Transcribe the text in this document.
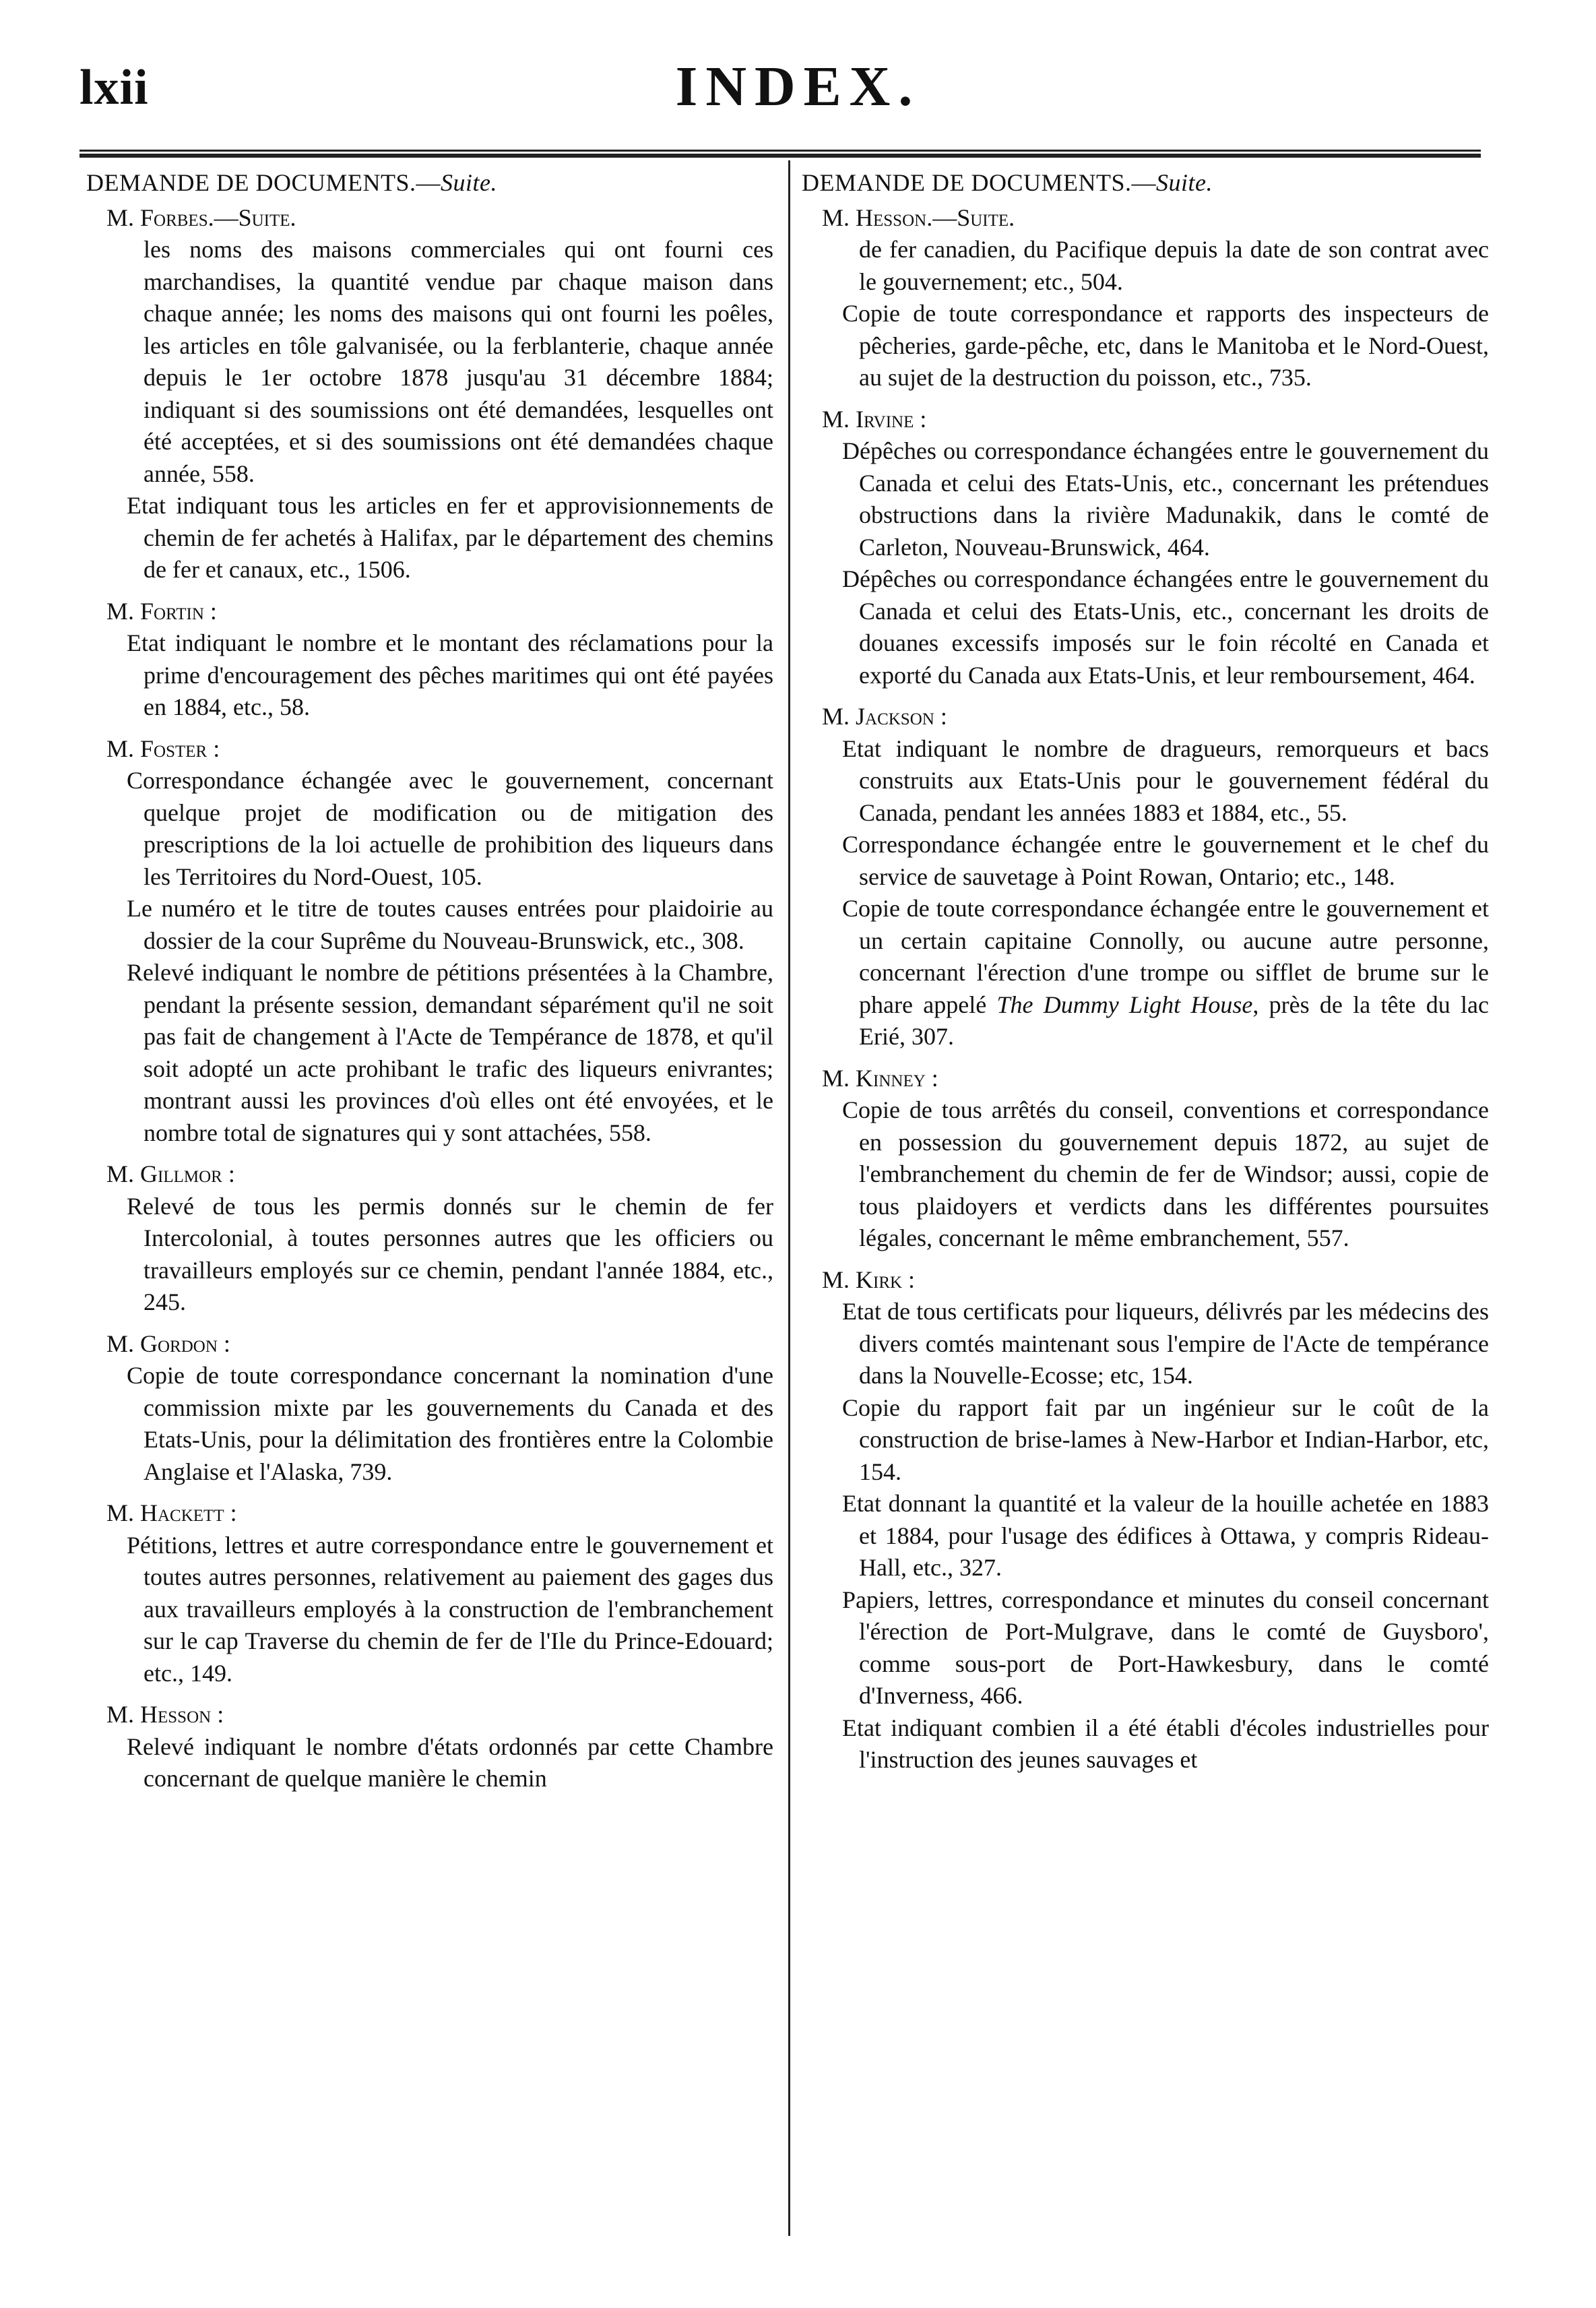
lxii	INDEX.
DEMANDE DE DOCUMENTS.—Suite.
M. Forbes.—Suite.
les noms des maisons commerciales qui ont fourni ces marchandises, la quantité vendue par chaque maison dans chaque année; les noms des maisons qui ont fourni les poêles, les articles en tôle galvanisée, ou la ferblanterie, chaque année depuis le 1er octobre 1878 jusqu'au 31 décembre 1884; indiquant si des soumissions ont été demandées, lesquelles ont été acceptées, et si des soumissions ont été demandées chaque année, 558.
Etat indiquant tous les articles en fer et approvisionnements de chemin de fer achetés à Halifax, par le département des chemins de fer et canaux, etc., 1506.
M. Fortin :
Etat indiquant le nombre et le montant des réclamations pour la prime d'encouragement des pêches maritimes qui ont été payées en 1884, etc., 58.
M. Foster :
Correspondance échangée avec le gouvernement, concernant quelque projet de modification ou de mitigation des prescriptions de la loi actuelle de prohibition des liqueurs dans les Territoires du Nord-Ouest, 105.
Le numéro et le titre de toutes causes entrées pour plaidoirie au dossier de la cour Suprême du Nouveau-Brunswick, etc., 308.
Relevé indiquant le nombre de pétitions présentées à la Chambre, pendant la présente session, demandant séparément qu'il ne soit pas fait de changement à l'Acte de Tempérance de 1878, et qu'il soit adopté un acte prohibant le trafic des liqueurs enivrantes; montrant aussi les provinces d'où elles ont été envoyées, et le nombre total de signatures qui y sont attachées, 558.
M. Gillmor :
Relevé de tous les permis donnés sur le chemin de fer Intercolonial, à toutes personnes autres que les officiers ou travailleurs employés sur ce chemin, pendant l'année 1884, etc., 245.
M. Gordon :
Copie de toute correspondance concernant la nomination d'une commission mixte par les gouvernements du Canada et des Etats-Unis, pour la délimitation des frontières entre la Colombie Anglaise et l'Alaska, 739.
M. Hackett :
Pétitions, lettres et autre correspondance entre le gouvernement et toutes autres personnes, relativement au paiement des gages dus aux travailleurs employés à la construction de l'embranchement sur le cap Traverse du chemin de fer de l'Ile du Prince-Edouard; etc., 149.
M. Hesson :
Relevé indiquant le nombre d'états ordonnés par cette Chambre concernant de quelque manière le chemin
DEMANDE DE DOCUMENTS.—Suite.
M. Hesson.—Suite.
de fer canadien, du Pacifique depuis la date de son contrat avec le gouvernement; etc., 504.
Copie de toute correspondance et rapports des inspecteurs de pêcheries, garde-pêche, etc, dans le Manitoba et le Nord-Ouest, au sujet de la destruction du poisson, etc., 735.
M. Irvine :
Dépêches ou correspondance échangées entre le gouvernement du Canada et celui des Etats-Unis, etc., concernant les prétendues obstructions dans la rivière Madunakik, dans le comté de Carleton, Nouveau-Brunswick, 464.
Dépêches ou correspondance échangées entre le gouvernement du Canada et celui des Etats-Unis, etc., concernant les droits de douanes excessifs imposés sur le foin récolté en Canada et exporté du Canada aux Etats-Unis, et leur remboursement, 464.
M. Jackson :
Etat indiquant le nombre de dragueurs, remorqueurs et bacs construits aux Etats-Unis pour le gouvernement fédéral du Canada, pendant les années 1883 et 1884, etc., 55.
Correspondance échangée entre le gouvernement et le chef du service de sauvetage à Point Rowan, Ontario; etc., 148.
Copie de toute correspondance échangée entre le gouvernement et un certain capitaine Connolly, ou aucune autre personne, concernant l'érection d'une trompe ou sifflet de brume sur le phare appelé The Dummy Light House, près de la tête du lac Erié, 307.
M. Kinney :
Copie de tous arrêtés du conseil, conventions et correspondance en possession du gouvernement depuis 1872, au sujet de l'embranchement du chemin de fer de Windsor; aussi, copie de tous plaidoyers et verdicts dans les différentes poursuites légales, concernant le même embranchement, 557.
M. Kirk :
Etat de tous certificats pour liqueurs, délivrés par les médecins des divers comtés maintenant sous l'empire de l'Acte de tempérance dans la Nouvelle-Ecosse; etc, 154.
Copie du rapport fait par un ingénieur sur le coût de la construction de brise-lames à New-Harbor et Indian-Harbor, etc, 154.
Etat donnant la quantité et la valeur de la houille achetée en 1883 et 1884, pour l'usage des édifices à Ottawa, y compris Rideau-Hall, etc., 327.
Papiers, lettres, correspondance et minutes du conseil concernant l'érection de Port-Mulgrave, dans le comté de Guysboro', comme sous-port de Port-Hawkesbury, dans le comté d'Inverness, 466.
Etat indiquant combien il a été établi d'écoles industrielles pour l'instruction des jeunes sauvages et
